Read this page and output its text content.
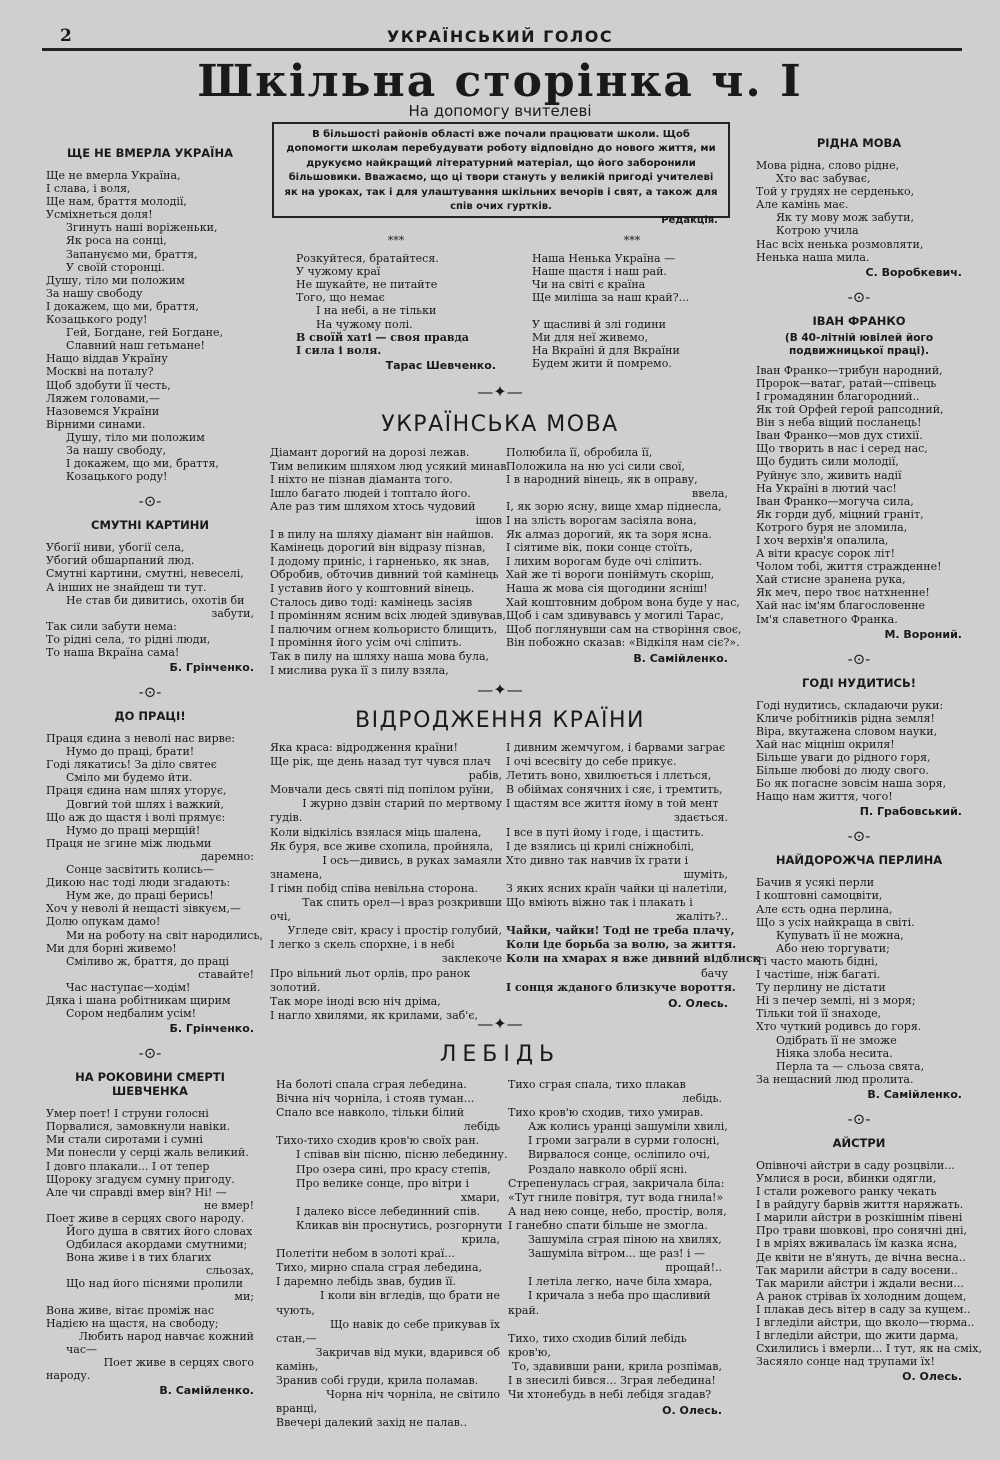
2	УКРАЇНСЬКИЙ ГОЛОС
Шкільна сторінка ч. I
На допомогу вчителеві
В більшості районів області вже почали працювати школи. Щоб допомогти школам перебудувати роботу відповідно до нового життя, ми друкуємо найкращий літературний матеріал, що його заборонили більшовики. Вважаємо, що ці твори стануть у великій пригоді учителеві як на уроках, так і для улаштування шкільних вечорів і свят, а також для спів очих гуртків.
Редакція.
ЩЕ НЕ ВМЕРЛА УКРАЇНА
Ще не вмерла Україна,
І слава, і воля,
Ще нам, браття молодії,
Усміхнеться доля!
Згинуть наші воріженьки,
Як роса на сонці,
Запануємо ми, браття,
У своїй сторонці.
Душу, тіло ми положим
За нашу свободу
І докажем, що ми, браття,
Козацького роду!
Гей, Богдане, гей Богдане,
Славний наш гетьмане!
Нащо віддав Україну
Москві на поталу?
Щоб здобути її честь,
Ляжем головами,—
Назовемся України
Вірними синами.
Душу, тіло ми положим
За нашу свободу,
І докажем, що ми, браття,
Козацького роду!
-⊙-
СМУТНІ КАРТИНИ
Убогії ниви, убогії села,
Убогий обшарпаний люд.
Смутні картини, смутні, невеселі,
А інших не знайдеш ти тут.
Не став би дивитись, охотів би
забути,
Так сили забути нема:
То рідні села, то рідні люди,
То наша Вкраїна сама!
Б. Грінченко.
-⊙-
ДО ПРАЦІ!
Праця єдина з неволі нас вирве:
Нумо до праці, брати!
Годі лякатись! За діло святеє
Сміло ми будемо йти.
Праця єдина нам шлях уторує,
Довгий той шлях і важкий,
Що аж до щастя і волі прямує:
Нумо до праці мерщій!
Праця не згине між людьми
даремно:
Сонце засвітить колись—
Дикою нас тоді люди згадають:
Нум же, до праці берись!
Хоч у неволі й нещасті зівкуєм,—
Долю опукам дамо!
Ми на роботу на світ народились,
Ми для борні живемо!
Сміливо ж, браття, до праці
ставайте!
Час наступає—ходім!
Дяка і шана робітникам щирим
Сором недбалим усім!
Б. Грінченко.
-⊙-
НА РОКОВИНИ СМЕРТІ ШЕВЧЕНКА
Умер поет! І струни голосні
Порвалися, замовкнули навіки.
Ми стали сиротами і сумні
Ми понесли у серці жаль великий.
І довго плакали... І от тепер
Щороку згадуєм сумну пригоду.
Але чи справді вмер він? Ні! —
не вмер!
Поет живе в серцях свого народу.
Його душа в святих його словах
Одбилася акордами смутними;
Вона живе і в тих благих
сльозах,
Що над його піснями пролили
ми;
Вона живе, вітає проміж нас
Надією на щастя, на свободу;
Любить народ навчає кожний
час—
Поет живе в серцях свого
народу.
В. Самійленко.
***
Розкуйтеся, братайтеся.
У чужому краї
Не шукайте, не питайте
Того, що немає
І на небі, а не тільки
На чужому полі.
В своїй хаті — своя правда
І сила і воля.
Тарас Шевченко.
***
Наша Ненька Україна —
Наше щастя і наш рай.
Чи на світі є країна
Ще миліша за наш край?...

У щасливі й злі години
Ми для неї живемо,
На Вкраїні й для Вкраїни
Будем жити й помремо.
—✦—
УКРАЇНСЬКА МОВА
Діамант дорогий на дорозі лежав.
Тим великим шляхом люд усякий минав
І ніхто не пізнав діаманта того.
Ішло багато людей і топтало його.
Але раз тим шляхом хтось чудовий
ішов
І в пилу на шляху діамант він найшов.
Камінець дорогий він відразу пізнав,
І додому приніс, і гарненько, як знав,
Обробив, обточив дивний той камінець
І уставив його у коштовний вінець.
Сталось диво тоді: камінець засіяв
І промінням ясним всіх людей здивував,
І палючим огнем кольористо блищить,
І проміння його усім очі сліпить.
Так в пилу на шляху наша мова була,
І мислива рука її з пилу взяла,
Полюбила її, обробила її,
Положила на ню усі сили свої,
І в народний вінець, як в оправу,
ввела,
І, як зорю ясну, вище хмар піднесла,
І на злість ворогам засіяла вона,
Як алмаз дорогий, як та зоря ясна.
І сіятиме вік, поки сонце стоїть,
І лихим ворогам буде очі сліпить.
Хай же ті вороги поніймуть скоріш,
Наша ж мова сія щогодини ясніш!
Хай коштовним добром вона буде у нас,
Щоб і сам здивувавсь у могилі Тарас,
Щоб поглянувши сам на створіння своє,
Він побожно сказав: «Відкіля нам сіє?».
В. Самійленко.
—✦—
ВІДРОДЖЕННЯ КРАЇНИ
Яка краса: відродження країни!
Ще рік, ще день назад тут чувся плач
рабів,
Мовчали десь святі під попілом руїни,
І журно дзвін старий по мертвому
гудів.
Коли відкілісь взялася міць шалена,
Як буря, все живе схопила, пройняла,
І ось—дивись, в руках замаяли
знамена,
І гімн побід співа невільна сторона.
Так спить орел—і враз розкривши
очі,
Угледе світ, красу і простір голубий,
І легко з скель спорхне, і в небі
заклекоче
Про вільний льот орлів, про ранок
золотий.
Так море іноді всю ніч дріма,
І нагло хвилями, як крилами, заб'є,
І дивним жемчугом, і барвами заграє
І очі всесвіту до себе прикує.
Летить воно, хвилюється і ллється,
В обіймах сонячних і сяє, і тремтить,
І щастям все життя йому в той мент
здається.
І все в путі йому і годе, і щастить.
І де взялись ці крилі сніжнобілі,
Хто дивно так навчив їх грати і
шуміть,
З яких ясних країн чайки ці налетіли,
Що вміють віжно так і плакать і
жаліть?..
Чайки, чайки! Тоді не треба плачу,
Коли іде борьба за волю, за життя.
Коли на хмарах я вже дивний відблиск
бачу
І сонця жданого близкуче вороття.
О. Олесь.
—✦—
ЛЕБІДЬ
На болоті спала сграя лебедина.
Вічна ніч чорніла, і стояв туман...
Спало все навколо, тільки білий
лебідь
Тихо-тихо сходив кров'ю своїх ран.
І співав він пісню, пісню лебединну.
Про озера сині, про красу степів,
Про велике сонце, про вітри і
хмари,
І далеко віссе лебединний спів.
Кликав він проснутись, розгорнути
крила,
Полетіти небом в золоті краї...
Тихо, мирно спала сграя лебедина,
І даремно лебідь звав, будив її.
І коли він вгледів, що брати не
чують,
Що навік до себе прикував їх
стан,—
Закричав від муки, вдарився об
камінь,
Зранив собі груди, крила поламав.
Чорна ніч чорніла, не світило
вранці,
Ввечері далекий захід не палав..
Тихо сграя спала, тихо плакав
лебідь.
Тихо кров'ю сходив, тихо умирав.
Аж колись уранці зашуміли хвилі,
І громи заграли в сурми голосні,
Вирвалося сонце, осліпило очі,
Роздало навколо обрії ясні.
Стрепенулась сграя, закричала біла:
«Тут гниле повітря, тут вода гнила!»
А над нею сонце, небо, простір, воля,
І ганебно спати більше не змогла.
Зашуміла сграя піною на хвилях,
Зашуміла вітром... ще раз! і —
прощай!..
І летіла легко, наче біла хмара,
І кричала з неба про щасливий
край.

Тихо, тихо сходив білий лебідь
кров'ю,
То, здавивши рани, крила розпімав,
І в знесилі бився... Зграя лебедина!
Чи хтонебудь в небі лебідя згадав?
О. Олесь.
РІДНА МОВА
Мова рідна, слово рідне,
Хто вас забуває,
Той у грудях не серденько,
Але камінь має.
Як ту мову мож забути,
Котрою учила
Нас всіх ненька розмовляти,
Ненька наша мила.
С. Воробкевич.
-⊙-
ІВАН ФРАНКО
(В 40-літній ювілей його подвижницької праці).
Іван Франко—трибун народний,
Пророк—ватаг, ратай—співець
І громадянин благородний..
Як той Орфей герой рапсодний,
Він з неба віщий посланець!
Іван Франко—мов дух стихії.
Що творить в нас і серед нас,
Що будить сили молодії,
Руйнує зло, живить надії
На Україні в лютий час!
Іван Франко—могуча сила,
Як горди дуб, міцний граніт,
Котрого буря не зломила,
І хоч верхів'я опалила,
А віти красує сорок літ!
Чолом тобі, життя стражденне!
Хай стисне зранена рука,
Як меч, перо твоє натхненне!
Хай нас ім'ям благословенне
Ім'я славетного Франка.
М. Вороний.
-⊙-
ГОДІ НУДИТИСЬ!
Годі нудитись, складаючи руки:
Кличе робітників рідна земля!
Віра, вкутажена словом науки,
Хай нас міцніш окриля!
Більше уваги до рідного горя,
Більше любові до люду свого.
Бо як погасне зовсім наша зоря,
Нащо нам життя, чого!
П. Грабовський.
-⊙-
НАЙДОРОЖЧА ПЕРЛИНА
Бачив я усякі перли
І коштовні самоцвіти,
Але єсть одна перлина,
Що з усіх найкраща в світі.
Купувать її не можна,
Або нею торгувати;
Ті часто мають бідні,
І частіше, ніж багаті.
Ту перлину не дістати
Ні з печер землі, ні з моря;
Тільки той її знаходе,
Хто чуткий родивсь до горя.
Одібрать її не зможе
Ніяка злоба несита.
Перла та — сльоза свята,
За нещасний люд пролита.
В. Самійленко.
-⊙-
АЙСТРИ
Опівночі айстри в саду розцвіли...
Умлися в роси, вбинки одягли,
І стали рожевого ранку чекать
І в райдугу барвів життя наряжать.
І марили айстри в розкішнім півені
Про трави шовкові, про сонячні дні,
І в мріях вживалась їм казка ясна,
Де квіти не в'януть, де вічна весна..
Так марили айстри в саду восени..
Так марили айстри і ждали весни...
А ранок стрівав їх холодним дощем,
І плакав десь вітер в саду за кущем..
І вгледіли айстри, що вколо—тюрма..
І вгледіли айстри, що жити дарма,
Схилились і вмерли... І тут, як на сміх,
Засяяло сонце над трупами їх!
О. Олесь.
